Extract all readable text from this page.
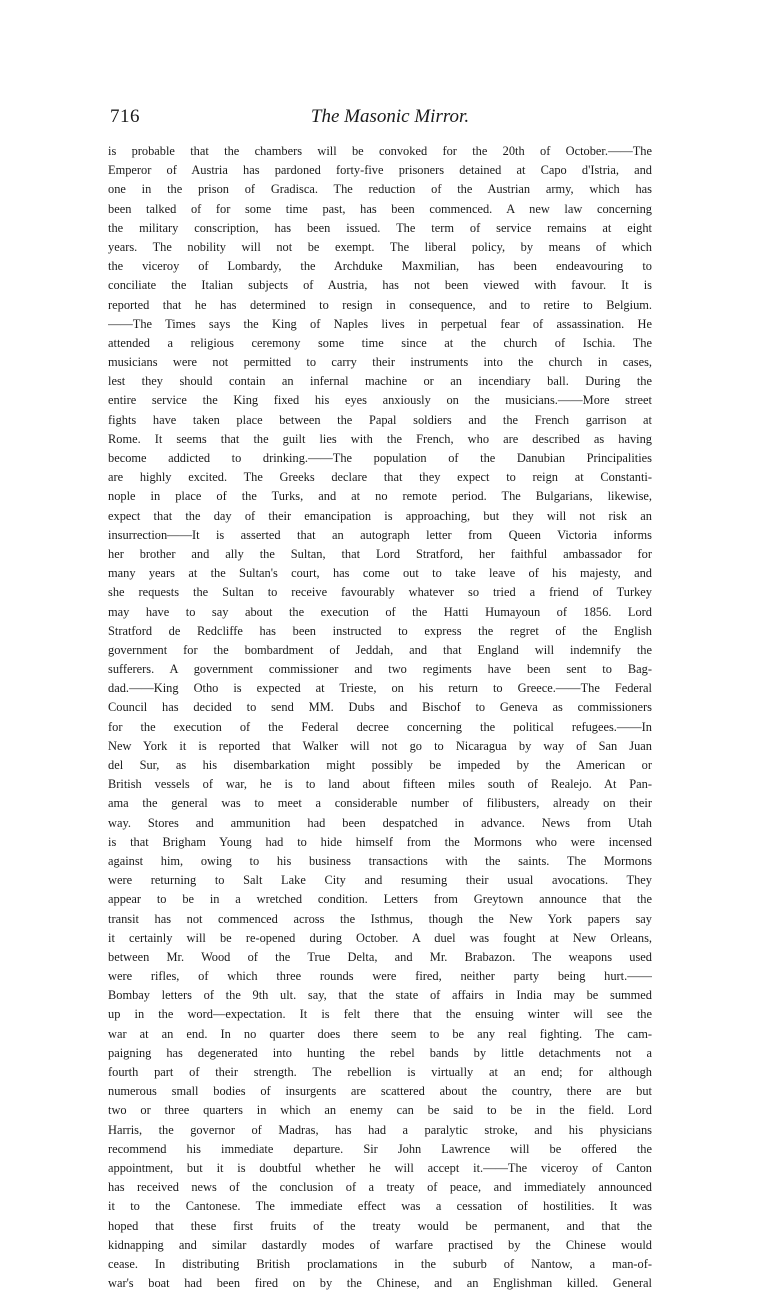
716	The Masonic Mirror.
is probable that the chambers will be convoked for the 20th of October.——The
Emperor of Austria has pardoned forty-five prisoners detained at Capo d'Istria, and
one in the prison of Gradisca. The reduction of the Austrian army, which has
been talked of for some time past, has been commenced. A new law concerning
the military conscription, has been issued. The term of service remains at eight
years. The nobility will not be exempt. The liberal policy, by means of which
the viceroy of Lombardy, the Archduke Maxmilian, has been endeavouring to
conciliate the Italian subjects of Austria, has not been viewed with favour. It is
reported that he has determined to resign in consequence, and to retire to Belgium.
——The Times says the King of Naples lives in perpetual fear of assassination. He
attended a religious ceremony some time since at the church of Ischia. The
musicians were not permitted to carry their instruments into the church in cases,
lest they should contain an infernal machine or an incendiary ball. During the
entire service the King fixed his eyes anxiously on the musicians.——More street
fights have taken place between the Papal soldiers and the French garrison at
Rome. It seems that the guilt lies with the French, who are described as having
become addicted to drinking.——The population of the Danubian Principalities
are highly excited. The Greeks declare that they expect to reign at Constanti-
nople in place of the Turks, and at no remote period. The Bulgarians, likewise,
expect that the day of their emancipation is approaching, but they will not risk an
insurrection——It is asserted that an autograph letter from Queen Victoria informs
her brother and ally the Sultan, that Lord Stratford, her faithful ambassador for
many years at the Sultan's court, has come out to take leave of his majesty, and
she requests the Sultan to receive favourably whatever so tried a friend of Turkey
may have to say about the execution of the Hatti Humayoun of 1856. Lord
Stratford de Redcliffe has been instructed to express the regret of the English
government for the bombardment of Jeddah, and that England will indemnify the
sufferers. A government commissioner and two regiments have been sent to Bag-
dad.——King Otho is expected at Trieste, on his return to Greece.——The Federal
Council has decided to send MM. Dubs and Bischof to Geneva as commissioners
for the execution of the Federal decree concerning the political refugees.——In
New York it is reported that Walker will not go to Nicaragua by way of San Juan
del Sur, as his disembarkation might possibly be impeded by the American or
British vessels of war, he is to land about fifteen miles south of Realejo. At Pan-
ama the general was to meet a considerable number of filibusters, already on their
way. Stores and ammunition had been despatched in advance. News from Utah
is that Brigham Young had to hide himself from the Mormons who were incensed
against him, owing to his business transactions with the saints. The Mormons
were returning to Salt Lake City and resuming their usual avocations. They
appear to be in a wretched condition. Letters from Greytown announce that the
transit has not commenced across the Isthmus, though the New York papers say
it certainly will be re-opened during October. A duel was fought at New Orleans,
between Mr. Wood of the True Delta, and Mr. Brabazon. The weapons used
were rifles, of which three rounds were fired, neither party being hurt.——
Bombay letters of the 9th ult. say, that the state of affairs in India may be summed
up in the word—expectation. It is felt there that the ensuing winter will see the
war at an end. In no quarter does there seem to be any real fighting. The cam-
paigning has degenerated into hunting the rebel bands by little detachments not a
fourth part of their strength. The rebellion is virtually at an end; for although
numerous small bodies of insurgents are scattered about the country, there are but
two or three quarters in which an enemy can be said to be in the field. Lord
Harris, the governor of Madras, has had a paralytic stroke, and his physicians
recommend his immediate departure. Sir John Lawrence will be offered the
appointment, but it is doubtful whether he will accept it.——The viceroy of Canton
has received news of the conclusion of a treaty of peace, and immediately announced
it to the Cantonese. The immediate effect was a cessation of hostilities. It was
hoped that these first fruits of the treaty would be permanent, and that the
kidnapping and similar dastardly modes of warfare practised by the Chinese would
cease. In distributing British proclamations in the suburb of Nantow, a man-of-
war's boat had been fired on by the Chinese, and an Englishman killed. General
